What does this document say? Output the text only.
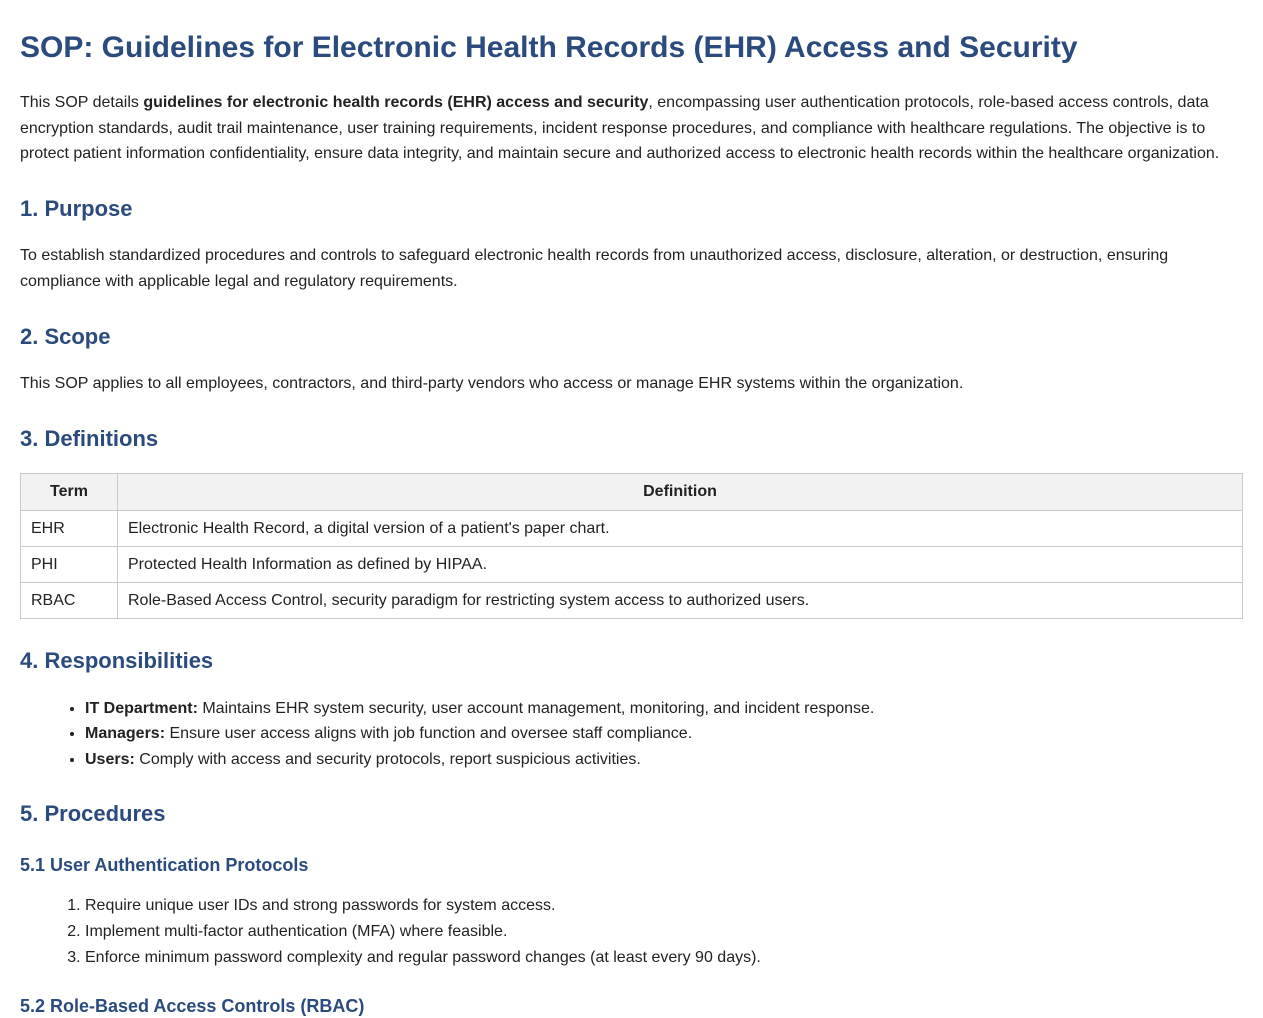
SOP: Guidelines for Electronic Health Records (EHR) Access and Security

This SOP details guidelines for electronic health records (EHR) access and security, encompassing user authentication protocols, role-based access controls, data encryption standards, audit trail maintenance, user training requirements, incident response procedures, and compliance with healthcare regulations. The objective is to protect patient information confidentiality, ensure data integrity, and maintain secure and authorized access to electronic health records within the healthcare organization.

1. Purpose

To establish standardized procedures and controls to safeguard electronic health records from unauthorized access, disclosure, alteration, or destruction, ensuring compliance with applicable legal and regulatory requirements.

2. Scope

This SOP applies to all employees, contractors, and third-party vendors who access or manage EHR systems within the organization.

3. Definitions
Term	Definition
EHR	Electronic Health Record, a digital version of a patient's paper chart.
PHI	Protected Health Information as defined by HIPAA.
RBAC	Role-Based Access Control, security paradigm for restricting system access to authorized users.
4. Responsibilities
• IT Department: Maintains EHR system security, user account management, monitoring, and incident response.
• Managers: Ensure user access aligns with job function and oversee staff compliance.
• Users: Comply with access and security protocols, report suspicious activities.
5. Procedures
5.1 User Authentication Protocols
1. Require unique user IDs and strong passwords for system access.
2. Implement multi-factor authentication (MFA) where feasible.
3. Enforce minimum password complexity and regular password changes (at least every 90 days).
5.2 Role-Based Access Controls (RBAC)
